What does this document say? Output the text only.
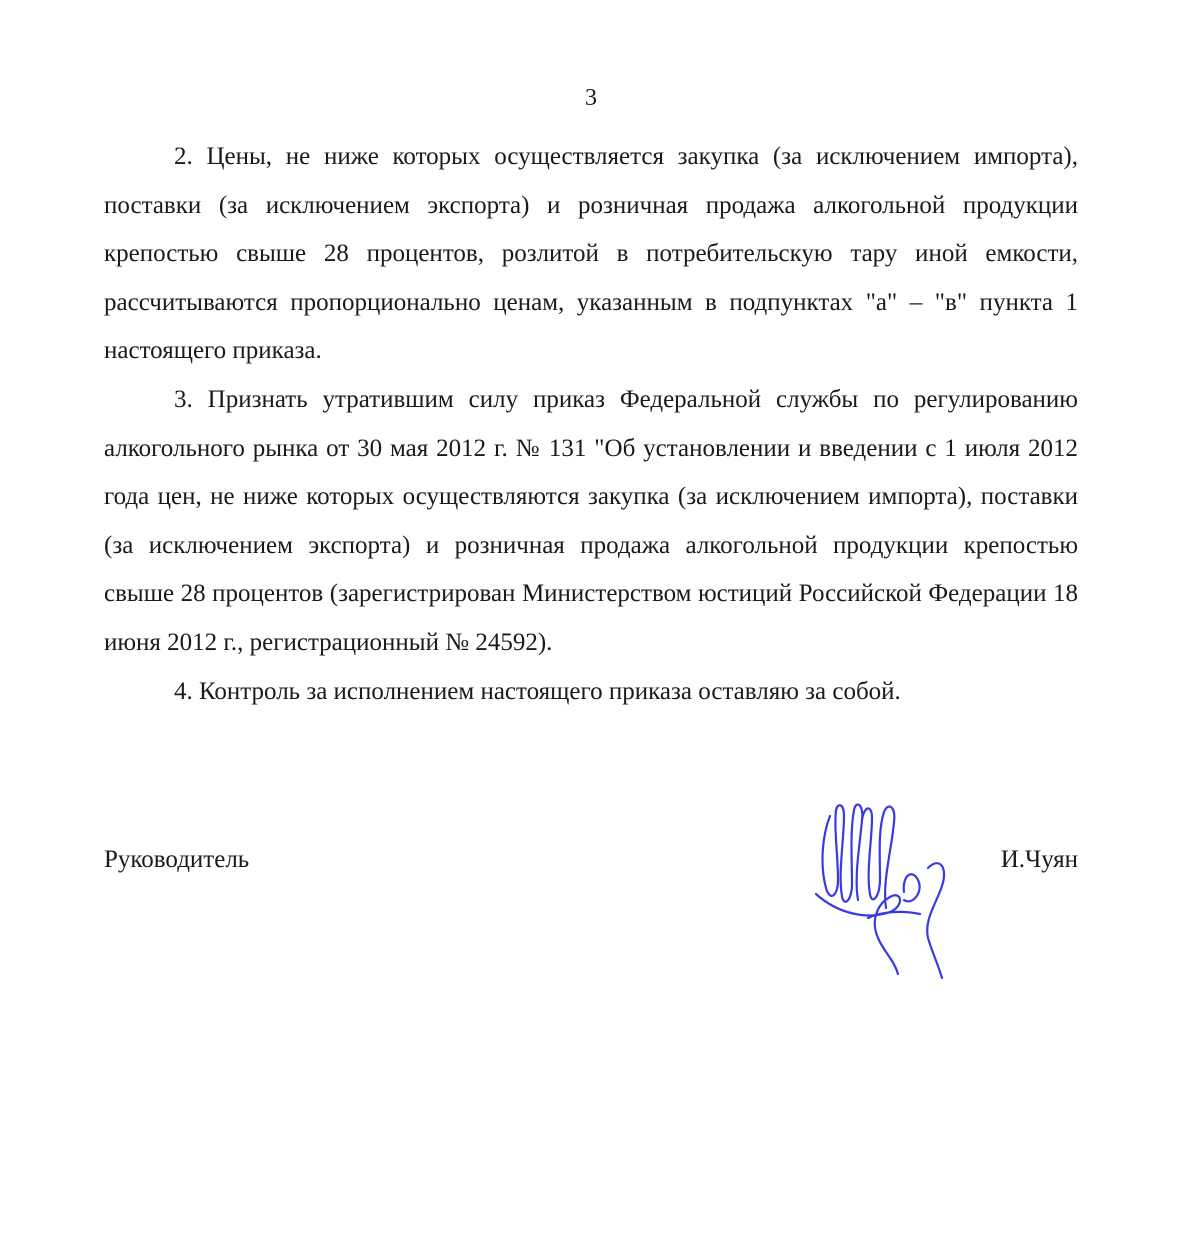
3

2. Цены, не ниже которых осуществляется закупка (за исключением импорта), поставки (за исключением экспорта) и розничная продажа алкогольной продукции крепостью свыше 28 процентов, розлитой в потребительскую тару иной емкости, рассчитываются пропорционально ценам, указанным в подпунктах "а" – "в" пункта 1 настоящего приказа.

3. Признать утратившим силу приказ Федеральной службы по регулированию алкогольного рынка от 30 мая 2012 г. № 131 "Об установлении и введении с 1 июля 2012 года цен, не ниже которых осуществляются закупка (за исключением импорта), поставки (за исключением экспорта) и розничная продажа алкогольной продукции крепостью свыше 28 процентов (зарегистрирован Министерством юстиций Российской Федерации 18 июня 2012 г., регистрационный № 24592).

4. Контроль за исполнением настоящего приказа оставляю за собой.

Руководитель	И.Чуян
